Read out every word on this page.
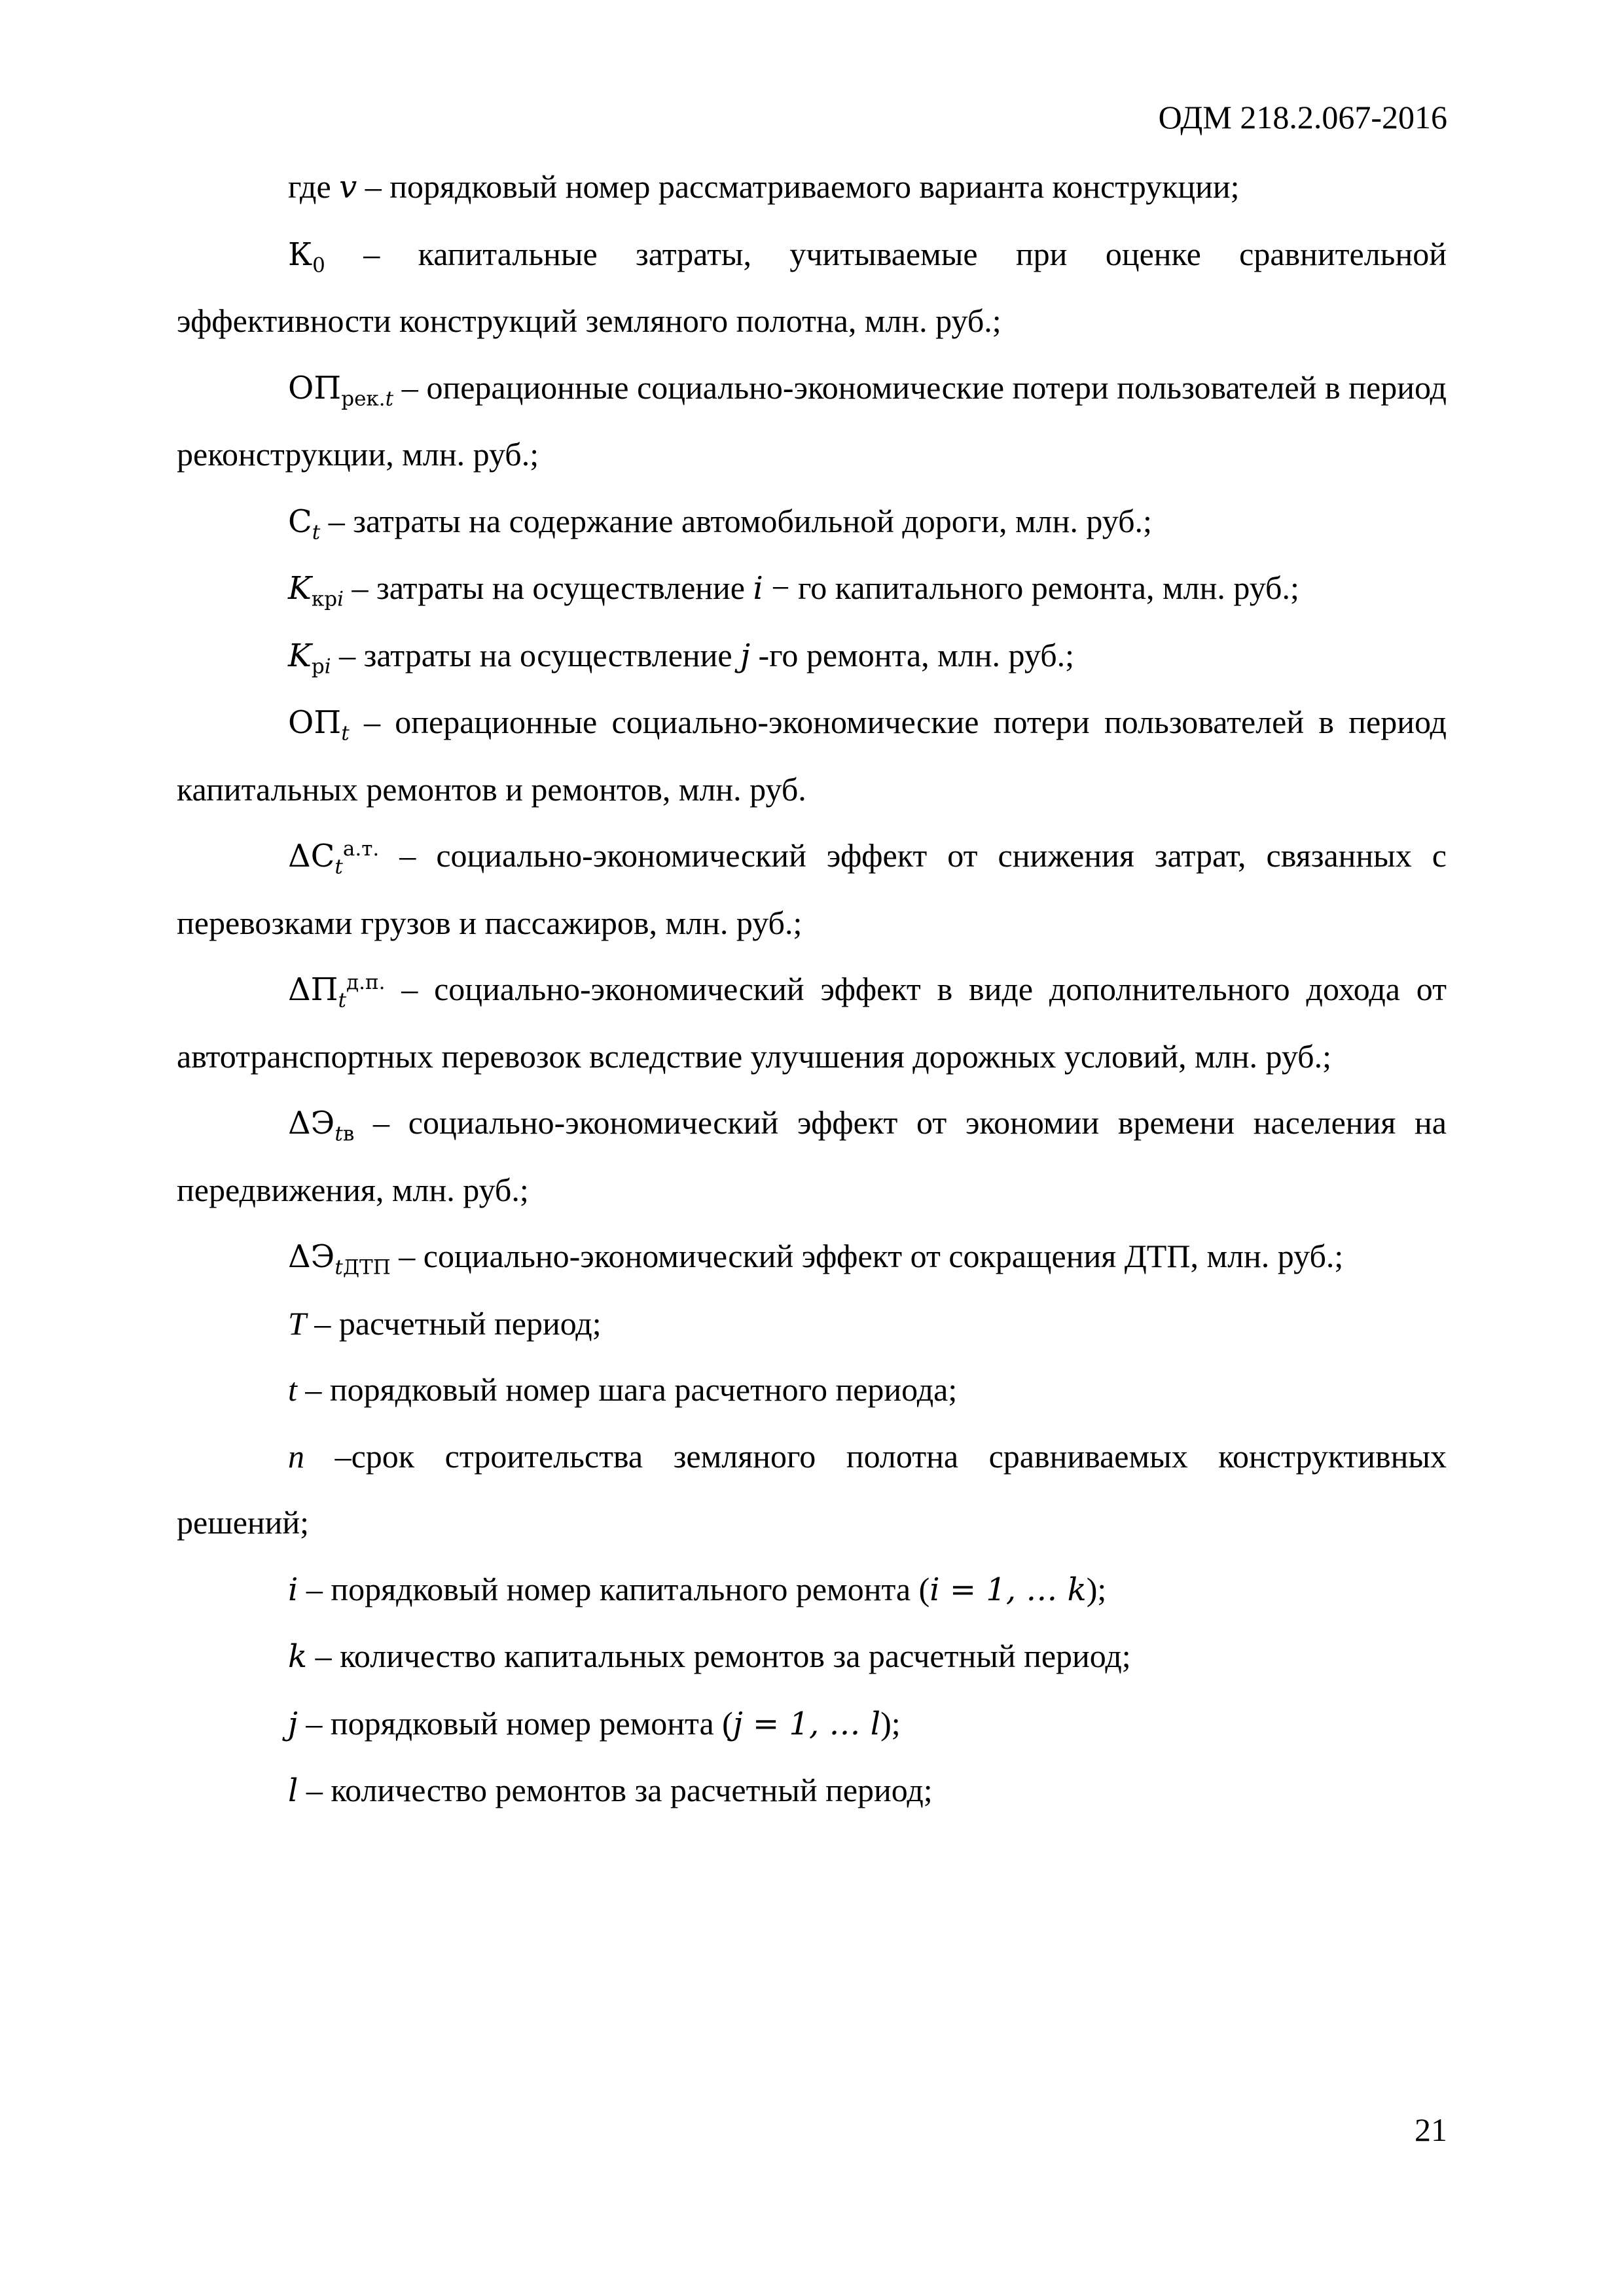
ОДМ 218.2.067-2016

где v – порядковый номер рассматриваемого варианта конструкции;

$К_0$ – капитальные затраты, учитываемые при оценке сравнительной эффективности конструкций земляного полотна, млн. руб.;

$ОП_{рек.t}$ – операционные социально-экономические потери пользователей в период реконструкции, млн. руб.;

$С_t$ – затраты на содержание автомобильной дороги, млн. руб.;

$K_{крi}$ – затраты на осуществление i − го капитального ремонта, млн. руб.;

$K_{рi}$ – затраты на осуществление j -го ремонта, млн. руб.;

$ОП_t$ – операционные социально-экономические потери пользователей в период капитальных ремонтов и ремонтов, млн. руб.

$\Delta C_t^{а.т.}$ – социально-экономический эффект от снижения затрат, связанных с перевозками грузов и пассажиров, млн. руб.;

$\Delta П_t^{д.п.}$ – социально-экономический эффект в виде дополнительного дохода от автотранспортных перевозок вследствие улучшения дорожных условий, млн. руб.;

$\Delta Э_{tв}$ – социально-экономический эффект от экономии времени населения на передвижения, млн. руб.;

$\Delta Э_{tДТП}$ – социально-экономический эффект от сокращения ДТП, млн. руб.;

T – расчетный период;

t – порядковый номер шага расчетного периода;

n –срок строительства земляного полотна сравниваемых конструктивных решений;

i – порядковый номер капитального ремонта (i = 1, … k);

k – количество капитальных ремонтов за расчетный период;

j – порядковый номер ремонта (j = 1, … l);

l – количество ремонтов за расчетный период;

21
